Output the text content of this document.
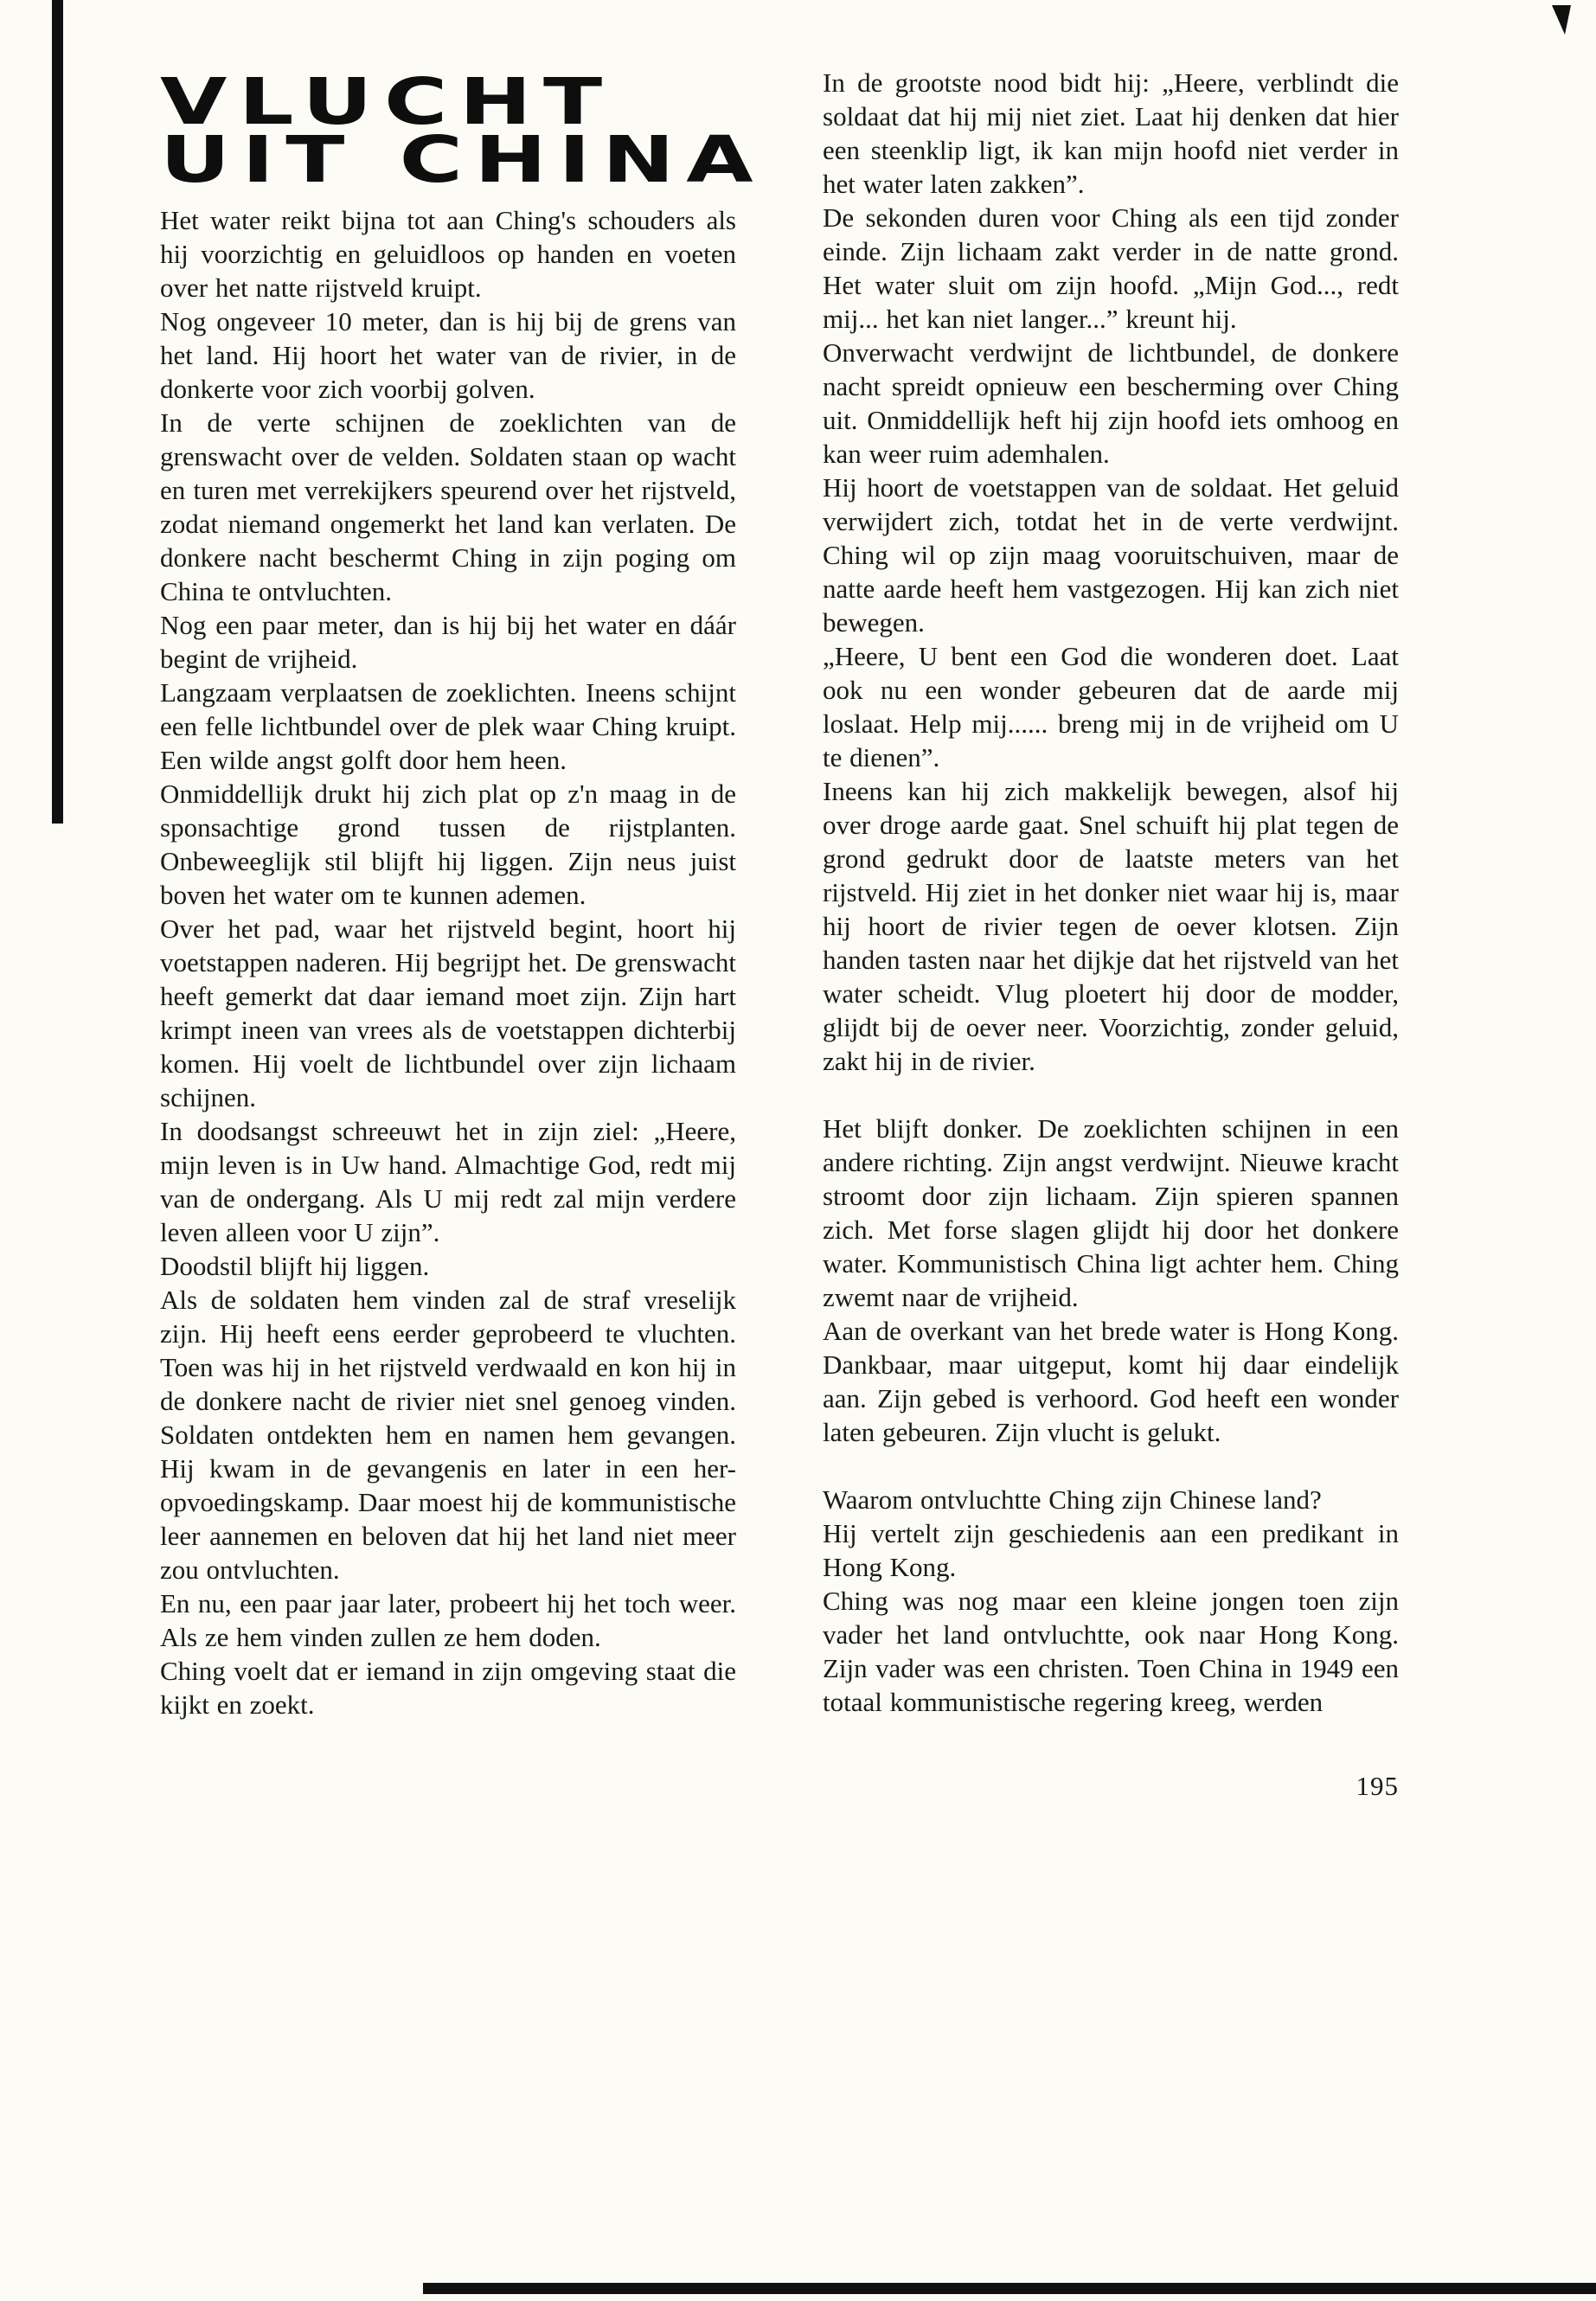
VLUCHT
UIT CHINA

Het water reikt bijna tot aan Ching's schouders als hij voorzichtig en geluidloos op handen en voeten over het natte rijstveld kruipt.

Nog ongeveer 10 meter, dan is hij bij de grens van het land. Hij hoort het water van de rivier, in de donkerte voor zich voorbij golven.

In de verte schijnen de zoeklichten van de grenswacht over de velden. Soldaten staan op wacht en turen met verrekijkers speurend over het rijstveld, zodat niemand ongemerkt het land kan verlaten. De donkere nacht beschermt Ching in zijn poging om China te ontvluchten.

Nog een paar meter, dan is hij bij het water en dáár begint de vrijheid.

Langzaam verplaatsen de zoeklichten. Ineens schijnt een felle lichtbundel over de plek waar Ching kruipt. Een wilde angst golft door hem heen.

Onmiddellijk drukt hij zich plat op z'n maag in de sponsachtige grond tussen de rijstplanten. Onbeweeglijk stil blijft hij liggen. Zijn neus juist boven het water om te kunnen ademen.

Over het pad, waar het rijstveld begint, hoort hij voetstappen naderen. Hij begrijpt het. De grenswacht heeft gemerkt dat daar iemand moet zijn. Zijn hart krimpt ineen van vrees als de voetstappen dichterbij komen. Hij voelt de lichtbundel over zijn lichaam schijnen.

In doodsangst schreeuwt het in zijn ziel: „Heere, mijn leven is in Uw hand. Almachtige God, redt mij van de ondergang. Als U mij redt zal mijn verdere leven alleen voor U zijn”.

Doodstil blijft hij liggen.

Als de soldaten hem vinden zal de straf vreselijk zijn. Hij heeft eens eerder geprobeerd te vluchten. Toen was hij in het rijstveld verdwaald en kon hij in de donkere nacht de rivier niet snel genoeg vinden. Soldaten ontdekten hem en namen hem gevangen. Hij kwam in de gevangenis en later in een her-opvoedingskamp. Daar moest hij de kommunistische leer aannemen en beloven dat hij het land niet meer zou ontvluchten.

En nu, een paar jaar later, probeert hij het toch weer. Als ze hem vinden zullen ze hem doden.

Ching voelt dat er iemand in zijn omgeving staat die kijkt en zoekt.

In de grootste nood bidt hij: „Heere, verblindt die soldaat dat hij mij niet ziet. Laat hij denken dat hier een steenklip ligt, ik kan mijn hoofd niet verder in het water laten zakken”.

De sekonden duren voor Ching als een tijd zonder einde. Zijn lichaam zakt verder in de natte grond. Het water sluit om zijn hoofd. „Mijn God..., redt mij... het kan niet langer...” kreunt hij.

Onverwacht verdwijnt de lichtbundel, de donkere nacht spreidt opnieuw een bescherming over Ching uit. Onmiddellijk heft hij zijn hoofd iets omhoog en kan weer ruim ademhalen.

Hij hoort de voetstappen van de soldaat. Het geluid verwijdert zich, totdat het in de verte verdwijnt. Ching wil op zijn maag vooruitschuiven, maar de natte aarde heeft hem vastgezogen. Hij kan zich niet bewegen.

„Heere, U bent een God die wonderen doet. Laat ook nu een wonder gebeuren dat de aarde mij loslaat. Help mij...... breng mij in de vrijheid om U te dienen”.

Ineens kan hij zich makkelijk bewegen, alsof hij over droge aarde gaat. Snel schuift hij plat tegen de grond gedrukt door de laatste meters van het rijstveld. Hij ziet in het donker niet waar hij is, maar hij hoort de rivier tegen de oever klotsen. Zijn handen tasten naar het dijkje dat het rijstveld van het water scheidt. Vlug ploetert hij door de modder, glijdt bij de oever neer. Voorzichtig, zonder geluid, zakt hij in de rivier.

Het blijft donker. De zoeklichten schijnen in een andere richting. Zijn angst verdwijnt. Nieuwe kracht stroomt door zijn lichaam. Zijn spieren spannen zich. Met forse slagen glijdt hij door het donkere water. Kommunistisch China ligt achter hem. Ching zwemt naar de vrijheid.

Aan de overkant van het brede water is Hong Kong. Dankbaar, maar uitgeput, komt hij daar eindelijk aan. Zijn gebed is verhoord. God heeft een wonder laten gebeuren. Zijn vlucht is gelukt.

Waarom ontvluchtte Ching zijn Chinese land?

Hij vertelt zijn geschiedenis aan een predikant in Hong Kong.

Ching was nog maar een kleine jongen toen zijn vader het land ontvluchtte, ook naar Hong Kong. Zijn vader was een christen. Toen China in 1949 een totaal kommunistische regering kreeg, werden

195
